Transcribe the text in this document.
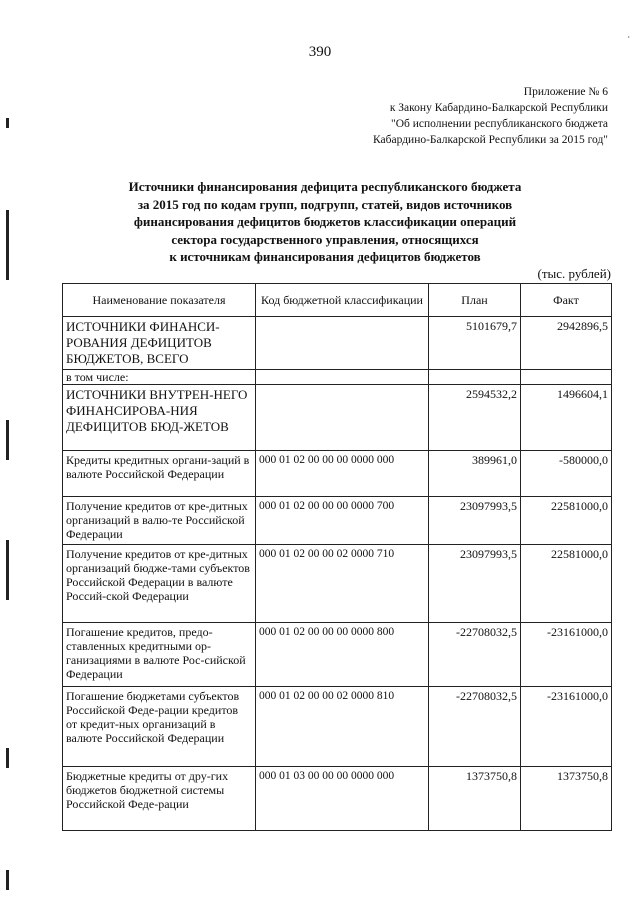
⸳
390
Приложение № 6
к Закону Кабардино-Балкарской Республики
"Об исполнении республиканского бюджета
Кабардино-Балкарской Республики за 2015 год"
Источники финансирования дефицита республиканского бюджета
за 2015 год по кодам групп, подгрупп, статей, видов источников
финансирования дефицитов бюджетов классификации операций
сектора государственного управления, относящихся
к источникам финансирования дефицитов бюджетов
(тыс. рублей)
Наименование показателя	Код бюджетной классификации	План	Факт
ИСТОЧНИКИ ФИНАНСИ-РОВАНИЯ ДЕФИЦИТОВ БЮДЖЕТОВ, ВСЕГО		5101679,7	2942896,5
в том числе:			
ИСТОЧНИКИ ВНУТРЕН-НЕГО ФИНАНСИРОВА-НИЯ ДЕФИЦИТОВ БЮД-ЖЕТОВ		2594532,2	1496604,1
Кредиты кредитных органи-заций в валюте Российской Федерации	000 01 02 00 00 00 0000 000	389961,0	-580000,0
Получение кредитов от кре-дитных организаций в валю-те Российской Федерации	000 01 02 00 00 00 0000 700	23097993,5	22581000,0
Получение кредитов от кре-дитных организаций бюдже-тами субъектов Российской Федерации в валюте Россий-ской Федерации	000 01 02 00 00 02 0000 710	23097993,5	22581000,0
Погашение кредитов, предо-ставленных кредитными ор-ганизациями в валюте Рос-сийской Федерации	000 01 02 00 00 00 0000 800	-22708032,5	-23161000,0
Погашение бюджетами субъектов Российской Феде-рации кредитов от кредит-ных организаций в валюте Российской Федерации	000 01 02 00 00 02 0000 810	-22708032,5	-23161000,0
Бюджетные кредиты от дру-гих бюджетов бюджетной системы Российской Феде-рации	000 01 03 00 00 00 0000 000	1373750,8	1373750,8
